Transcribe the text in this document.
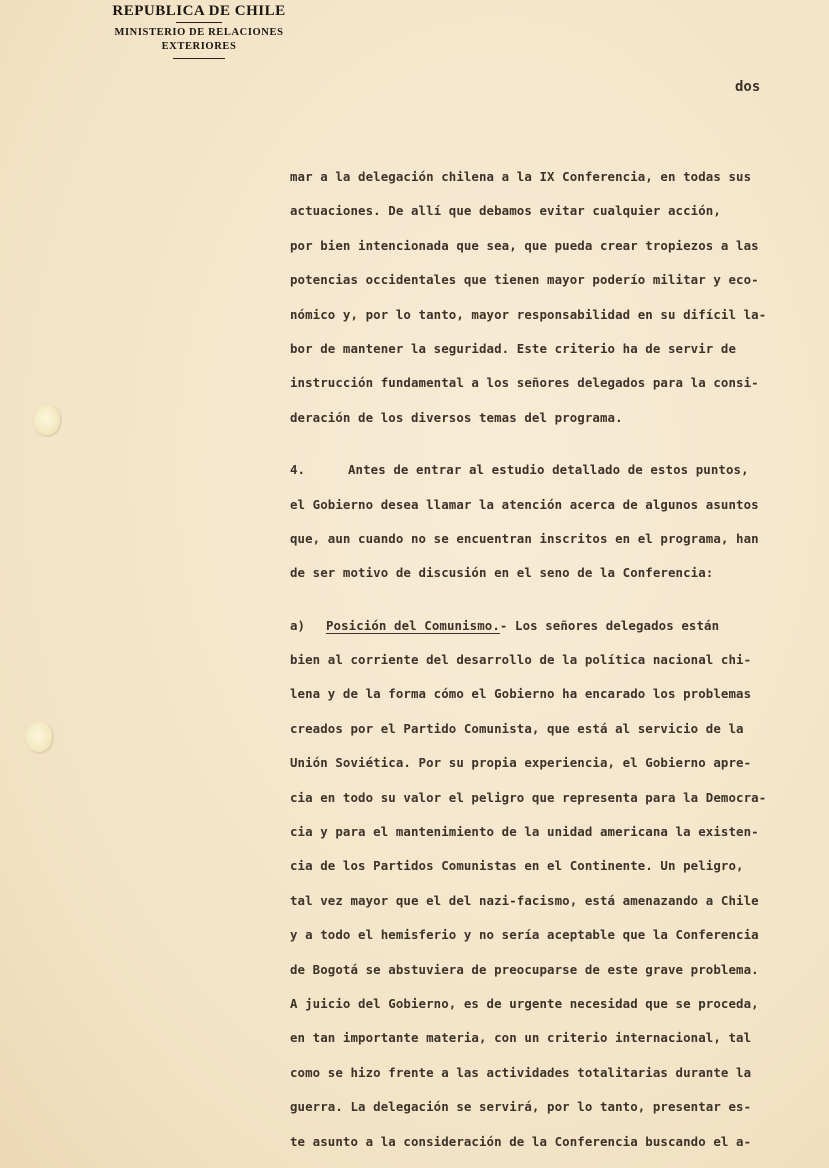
REPUBLICA DE CHILE
MINISTERIO DE RELACIONES
EXTERIORES
dos
mar a la delegación chilena a la IX Conferencia, en todas sus
actuaciones. De allí que debamos evitar cualquier acción,
por bien intencionada que sea, que pueda crear tropiezos a las
potencias occidentales que tienen mayor poderío militar y eco-
nómico y, por lo tanto, mayor responsabilidad en su difícil la-
bor de mantener la seguridad. Este criterio ha de servir de
instrucción fundamental a los señores delegados para la consi-
deración de los diversos temas del programa.
4.	Antes de entrar al estudio detallado de estos puntos,
el Gobierno desea llamar la atención acerca de algunos asuntos
que, aun cuando no se encuentran inscritos en el programa, han
de ser motivo de discusión en el seno de la Conferencia:
a) Posición del Comunismo.- Los señores delegados están
bien al corriente del desarrollo de la política nacional chi-
lena y de la forma cómo el Gobierno ha encarado los problemas
creados por el Partido Comunista, que está al servicio de la
Unión Soviética. Por su propia experiencia, el Gobierno apre-
cia en todo su valor el peligro que representa para la Democra-
cia y para el mantenimiento de la unidad americana la existen-
cia de los Partidos Comunistas en el Continente. Un peligro,
tal vez mayor que el del nazi-facismo, está amenazando a Chile
y a todo el hemisferio y no sería aceptable que la Conferencia
de Bogotá se abstuviera de preocuparse de este grave problema.
A juicio del Gobierno, es de urgente necesidad que se proceda,
en tan importante materia, con un criterio internacional, tal
como se hizo frente a las actividades totalitarias durante la
guerra. La delegación se servirá, por lo tanto, presentar es-
te asunto a la consideración de la Conferencia buscando el a-
